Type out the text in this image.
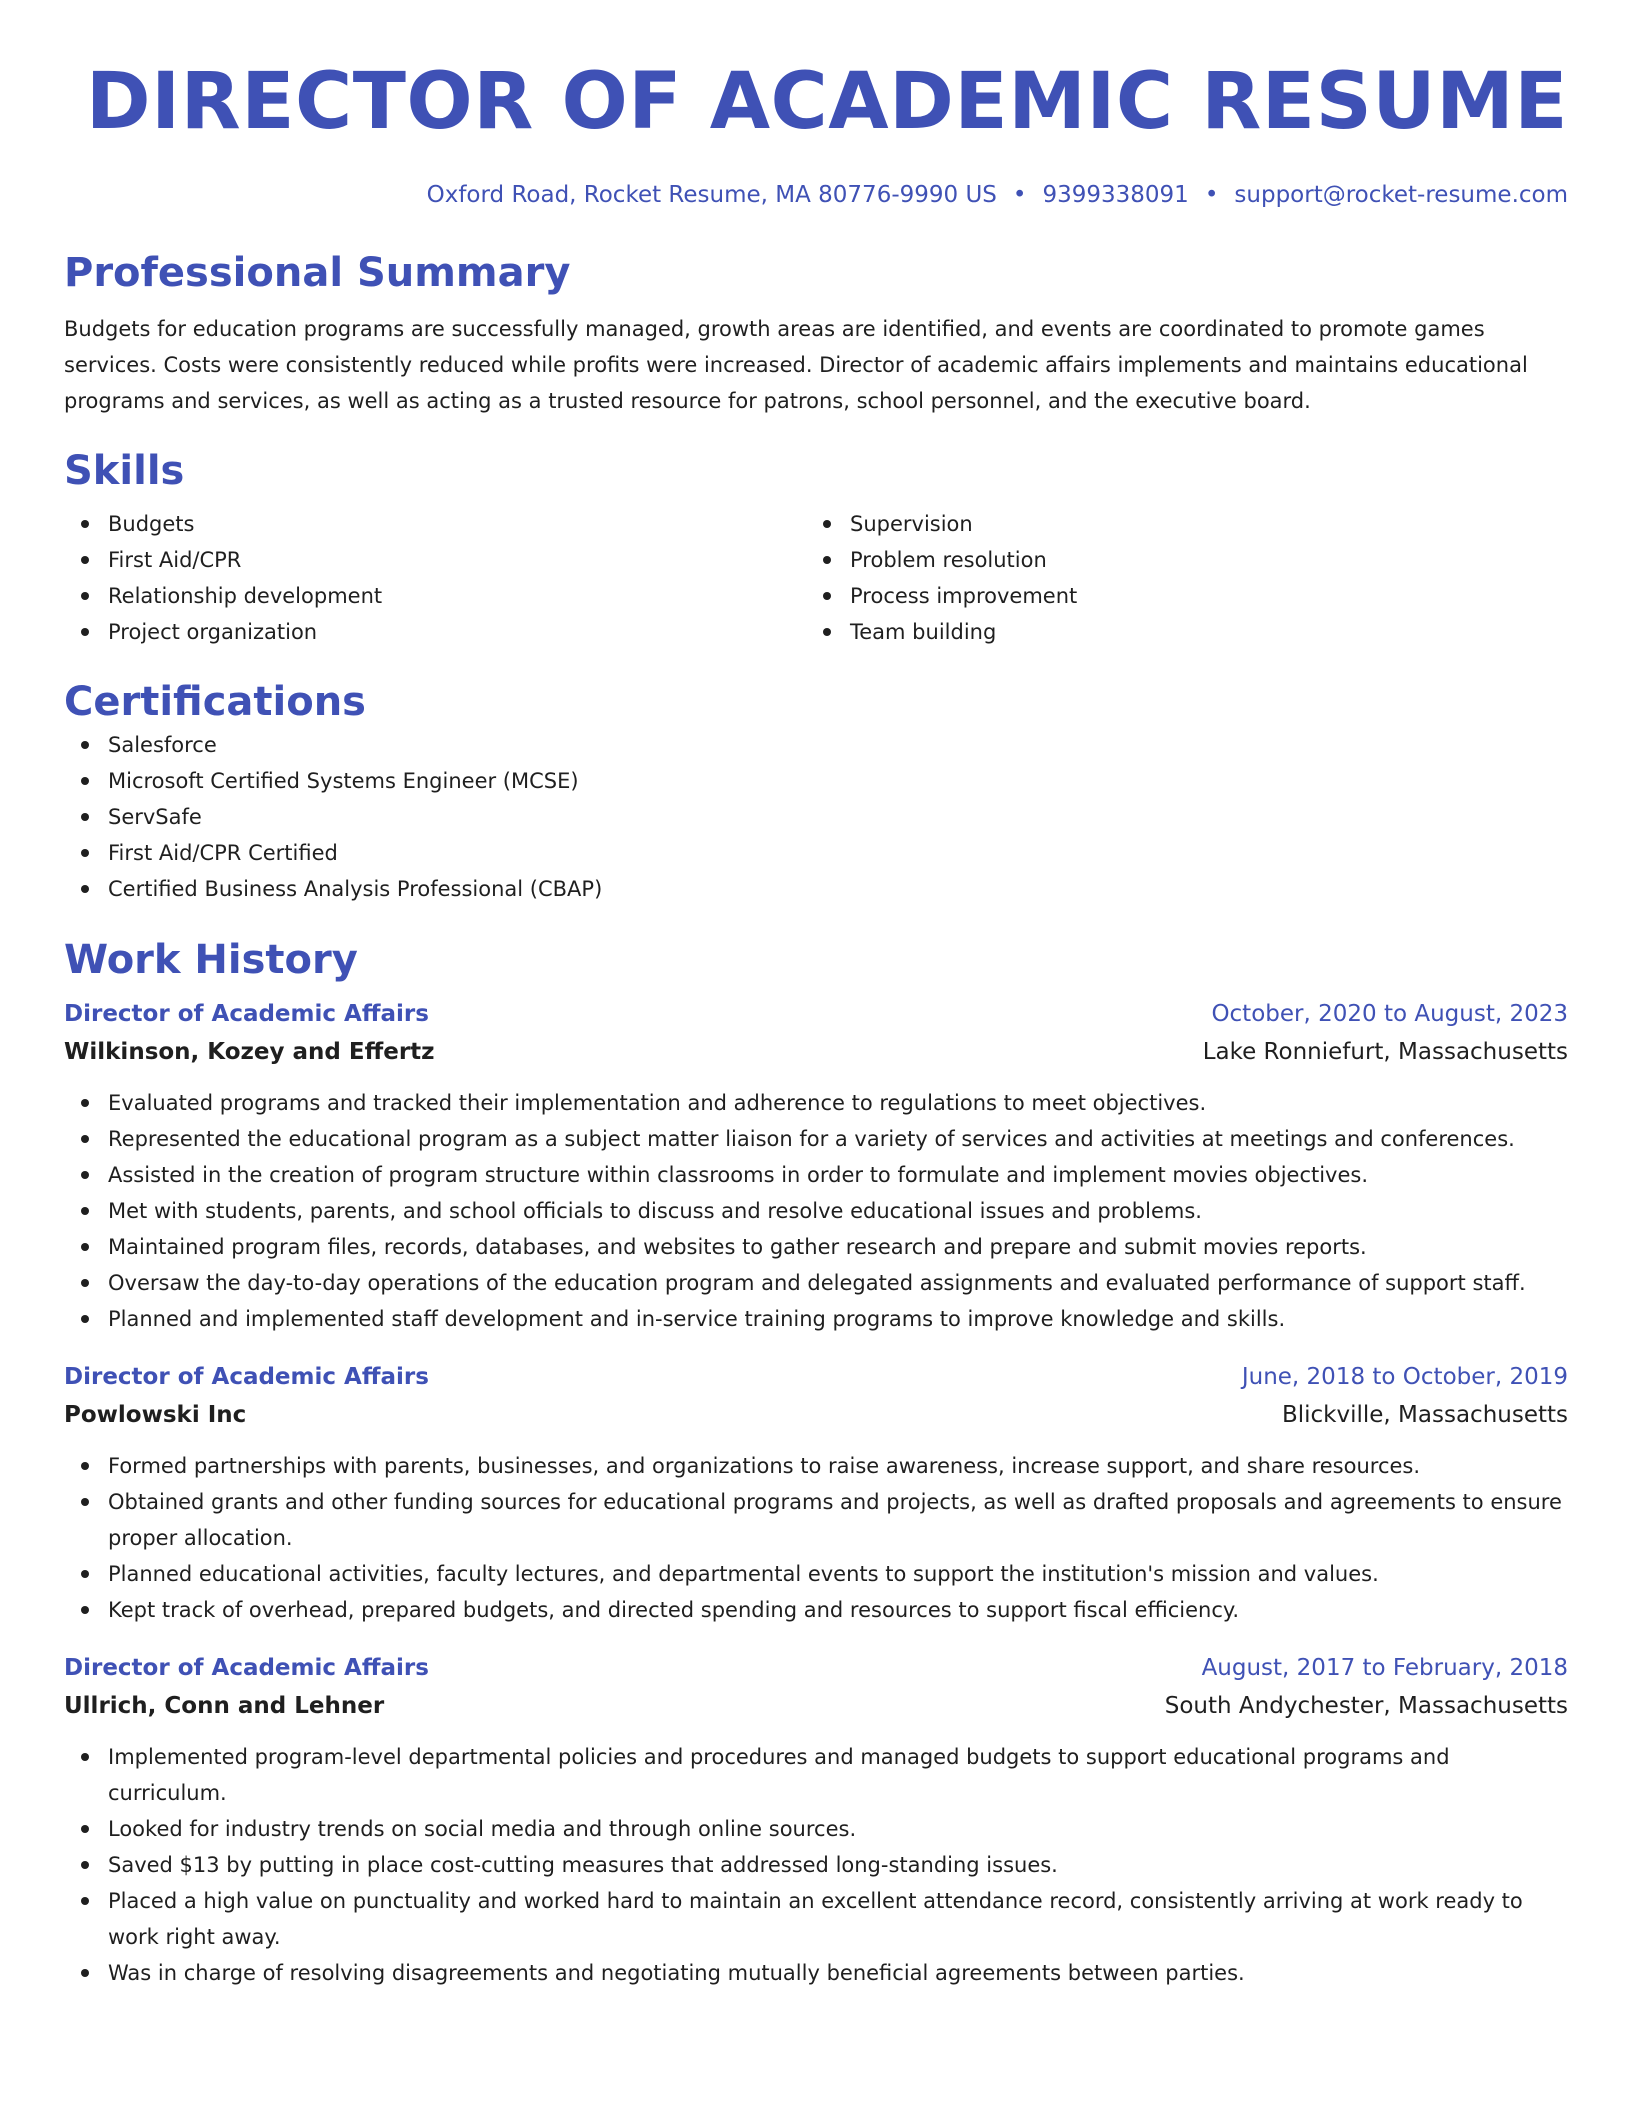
DIRECTOR OF ACADEMIC RESUME
Oxford Road, Rocket Resume, MA 80776-9990 US • 9399338091 • support@rocket-resume.com
Professional Summary

Budgets for education programs are successfully managed, growth areas are identified, and events are coordinated to promote games services. Costs were consistently reduced while profits were increased. Director of academic affairs implements and maintains educational programs and services, as well as acting as a trusted resource for patrons, school personnel, and the executive board.

Skills
Budgets
First Aid/CPR
Relationship development
Project organization
Supervision
Problem resolution
Process improvement
Team building
Certifications
Salesforce
Microsoft Certified Systems Engineer (MCSE)
ServSafe
First Aid/CPR Certified
Certified Business Analysis Professional (CBAP)
Work History
Director of Academic Affairs	October, 2020 to August, 2023
Wilkinson, Kozey and Effertz	Lake Ronniefurt, Massachusetts
Evaluated programs and tracked their implementation and adherence to regulations to meet objectives.
Represented the educational program as a subject matter liaison for a variety of services and activities at meetings and conferences.
Assisted in the creation of program structure within classrooms in order to formulate and implement movies objectives.
Met with students, parents, and school officials to discuss and resolve educational issues and problems.
Maintained program files, records, databases, and websites to gather research and prepare and submit movies reports.
Oversaw the day-to-day operations of the education program and delegated assignments and evaluated performance of support staff.
Planned and implemented staff development and in-service training programs to improve knowledge and skills.
Director of Academic Affairs	June, 2018 to October, 2019
Powlowski Inc	Blickville, Massachusetts
Formed partnerships with parents, businesses, and organizations to raise awareness, increase support, and share resources.
Obtained grants and other funding sources for educational programs and projects, as well as drafted proposals and agreements to ensure proper allocation.
Planned educational activities, faculty lectures, and departmental events to support the institution's mission and values.
Kept track of overhead, prepared budgets, and directed spending and resources to support fiscal efficiency.
Director of Academic Affairs	August, 2017 to February, 2018
Ullrich, Conn and Lehner	South Andychester, Massachusetts
Implemented program-level departmental policies and procedures and managed budgets to support educational programs and curriculum.
Looked for industry trends on social media and through online sources.
Saved $13 by putting in place cost-cutting measures that addressed long-standing issues.
Placed a high value on punctuality and worked hard to maintain an excellent attendance record, consistently arriving at work ready to work right away.
Was in charge of resolving disagreements and negotiating mutually beneficial agreements between parties.
